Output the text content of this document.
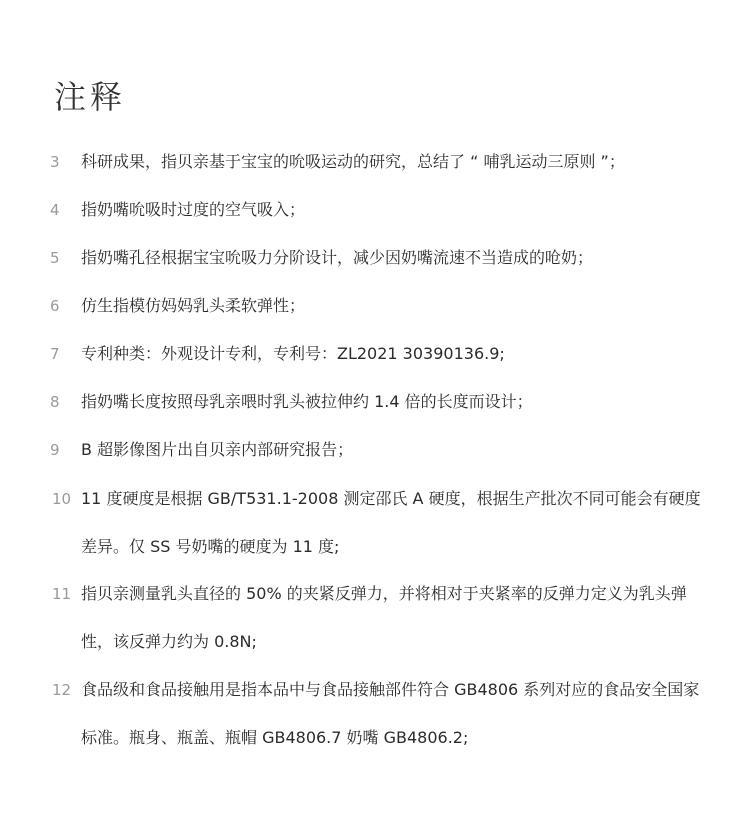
注释
3	科研成果，指贝亲基于宝宝的吮吸运动的研究，总结了 “ 哺乳运动三原则 ”；
4	指奶嘴吮吸时过度的空气吸入；
5	指奶嘴孔径根据宝宝吮吸力分阶设计，减少因奶嘴流速不当造成的呛奶；
6	仿生指模仿妈妈乳头柔软弹性；
7	专利种类：外观设计专利，专利号：ZL2021 30390136.9;
8	指奶嘴长度按照母乳亲喂时乳头被拉伸约 1.4 倍的长度而设计；
9	B 超影像图片出自贝亲内部研究报告；
10 11 度硬度是根据 GB/T531.1-2008 测定邵氏 A 硬度，根据生产批次不同可能会有硬度差异。仅 SS 号奶嘴的硬度为 11 度;
11 指贝亲测量乳头直径的 50% 的夹紧反弹力，并将相对于夹紧率的反弹力定义为乳头弹性，该反弹力约为 0.8N;
12 食品级和食品接触用是指本品中与食品接触部件符合 GB4806 系列对应的食品安全国家标准。瓶身、瓶盖、瓶帽 GB4806.7 奶嘴 GB4806.2;
